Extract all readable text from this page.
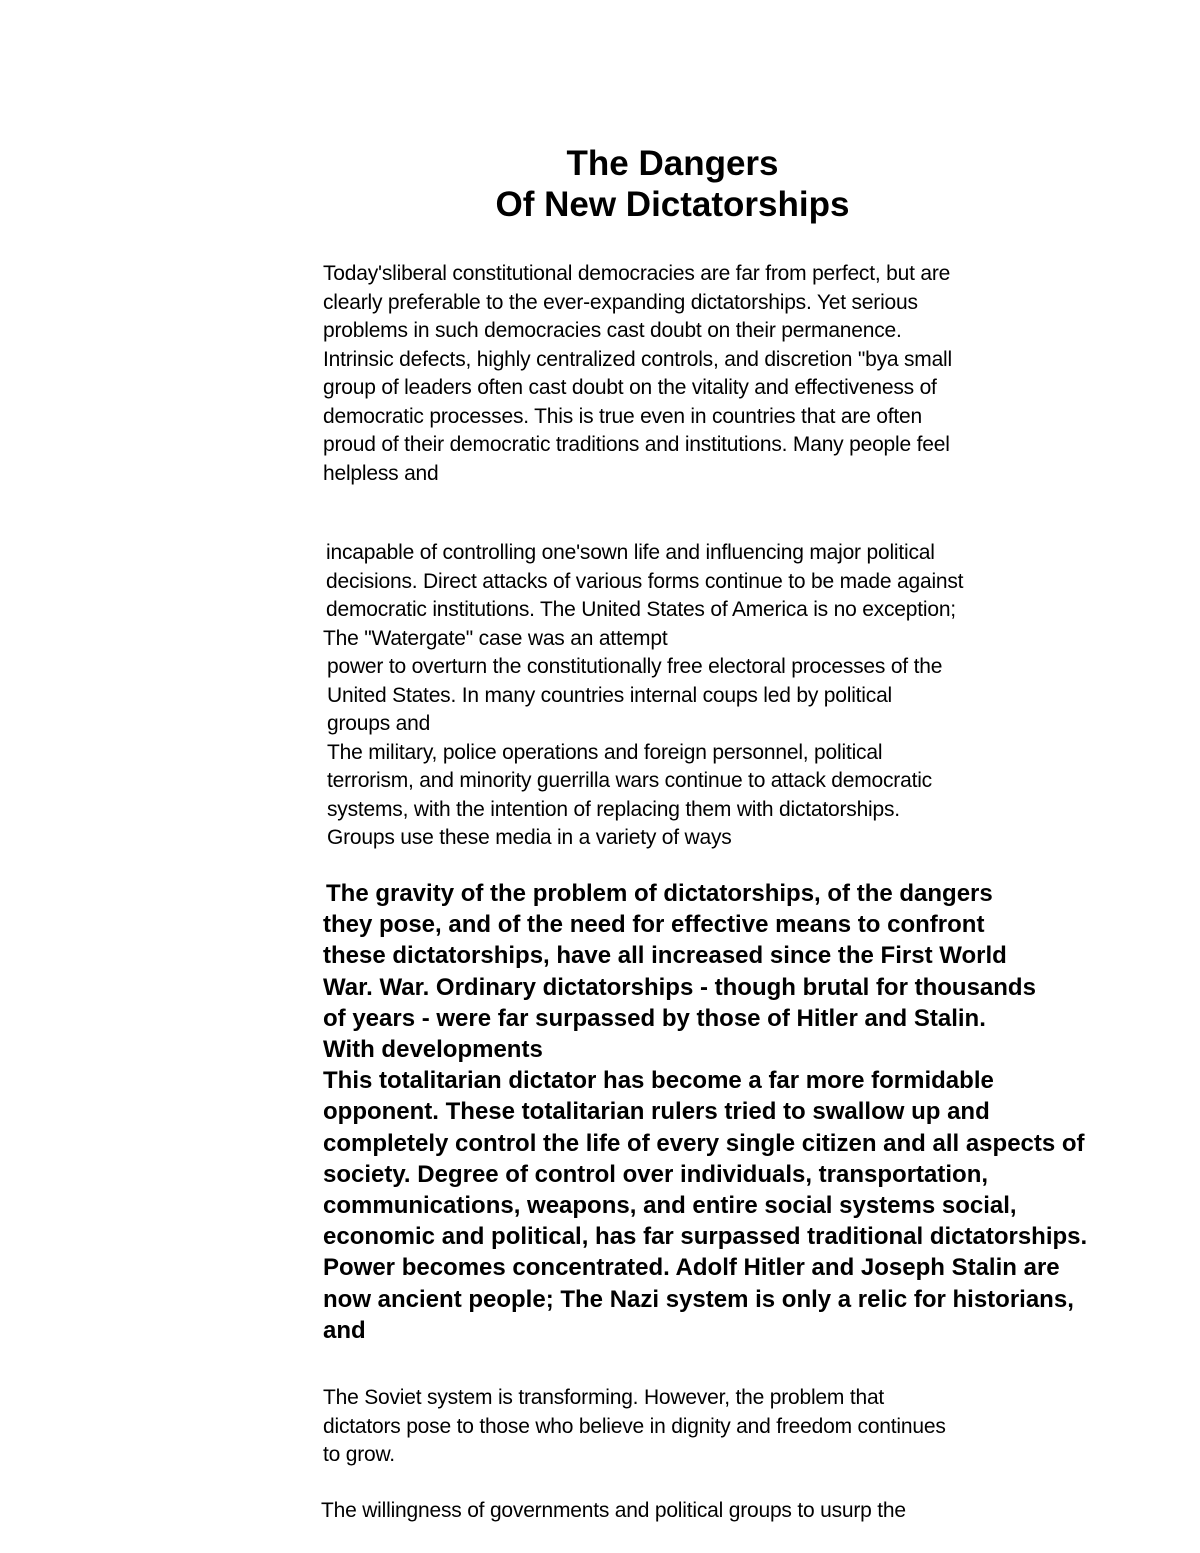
The Dangers
Of New Dictatorships
Today'sliberal constitutional democracies are far from perfect, but are
clearly preferable to the ever-expanding dictatorships. Yet serious
problems in such democracies cast doubt on their permanence.
Intrinsic defects, highly centralized controls, and discretion "bya small
group of leaders often cast doubt on the vitality and effectiveness of
democratic processes. This is true even in countries that are often
proud of their democratic traditions and institutions. Many people feel
helpless and
incapable of controlling one'sown life and influencing major political
decisions. Direct attacks of various forms continue to be made against
democratic institutions. The United States of America is no exception;
The "Watergate" case was an attempt
power to overturn the constitutionally free electoral processes of the
United States. In many countries internal coups led by political
groups and
The military, police operations and foreign personnel, political
terrorism, and minority guerrilla wars continue to attack democratic
systems, with the intention of replacing them with dictatorships.
Groups use these media in a variety of ways
The gravity of the problem of dictatorships, of the dangers
they pose, and of the need for effective means to confront
these dictatorships, have all increased since the First World
War. War. Ordinary dictatorships - though brutal for thousands
of years - were far surpassed by those of Hitler and Stalin.
With developments
This totalitarian dictator has become a far more formidable
opponent. These totalitarian rulers tried to swallow up and
completely control the life of every single citizen and all aspects of
society. Degree of control over individuals, transportation,
communications, weapons, and entire social systems social,
economic and political, has far surpassed traditional dictatorships.
Power becomes concentrated. Adolf Hitler and Joseph Stalin are
now ancient people; The Nazi system is only a relic for historians,
and
The Soviet system is transforming. However, the problem that
dictators pose to those who believe in dignity and freedom continues
to grow.
The willingness of governments and political groups to usurp the
